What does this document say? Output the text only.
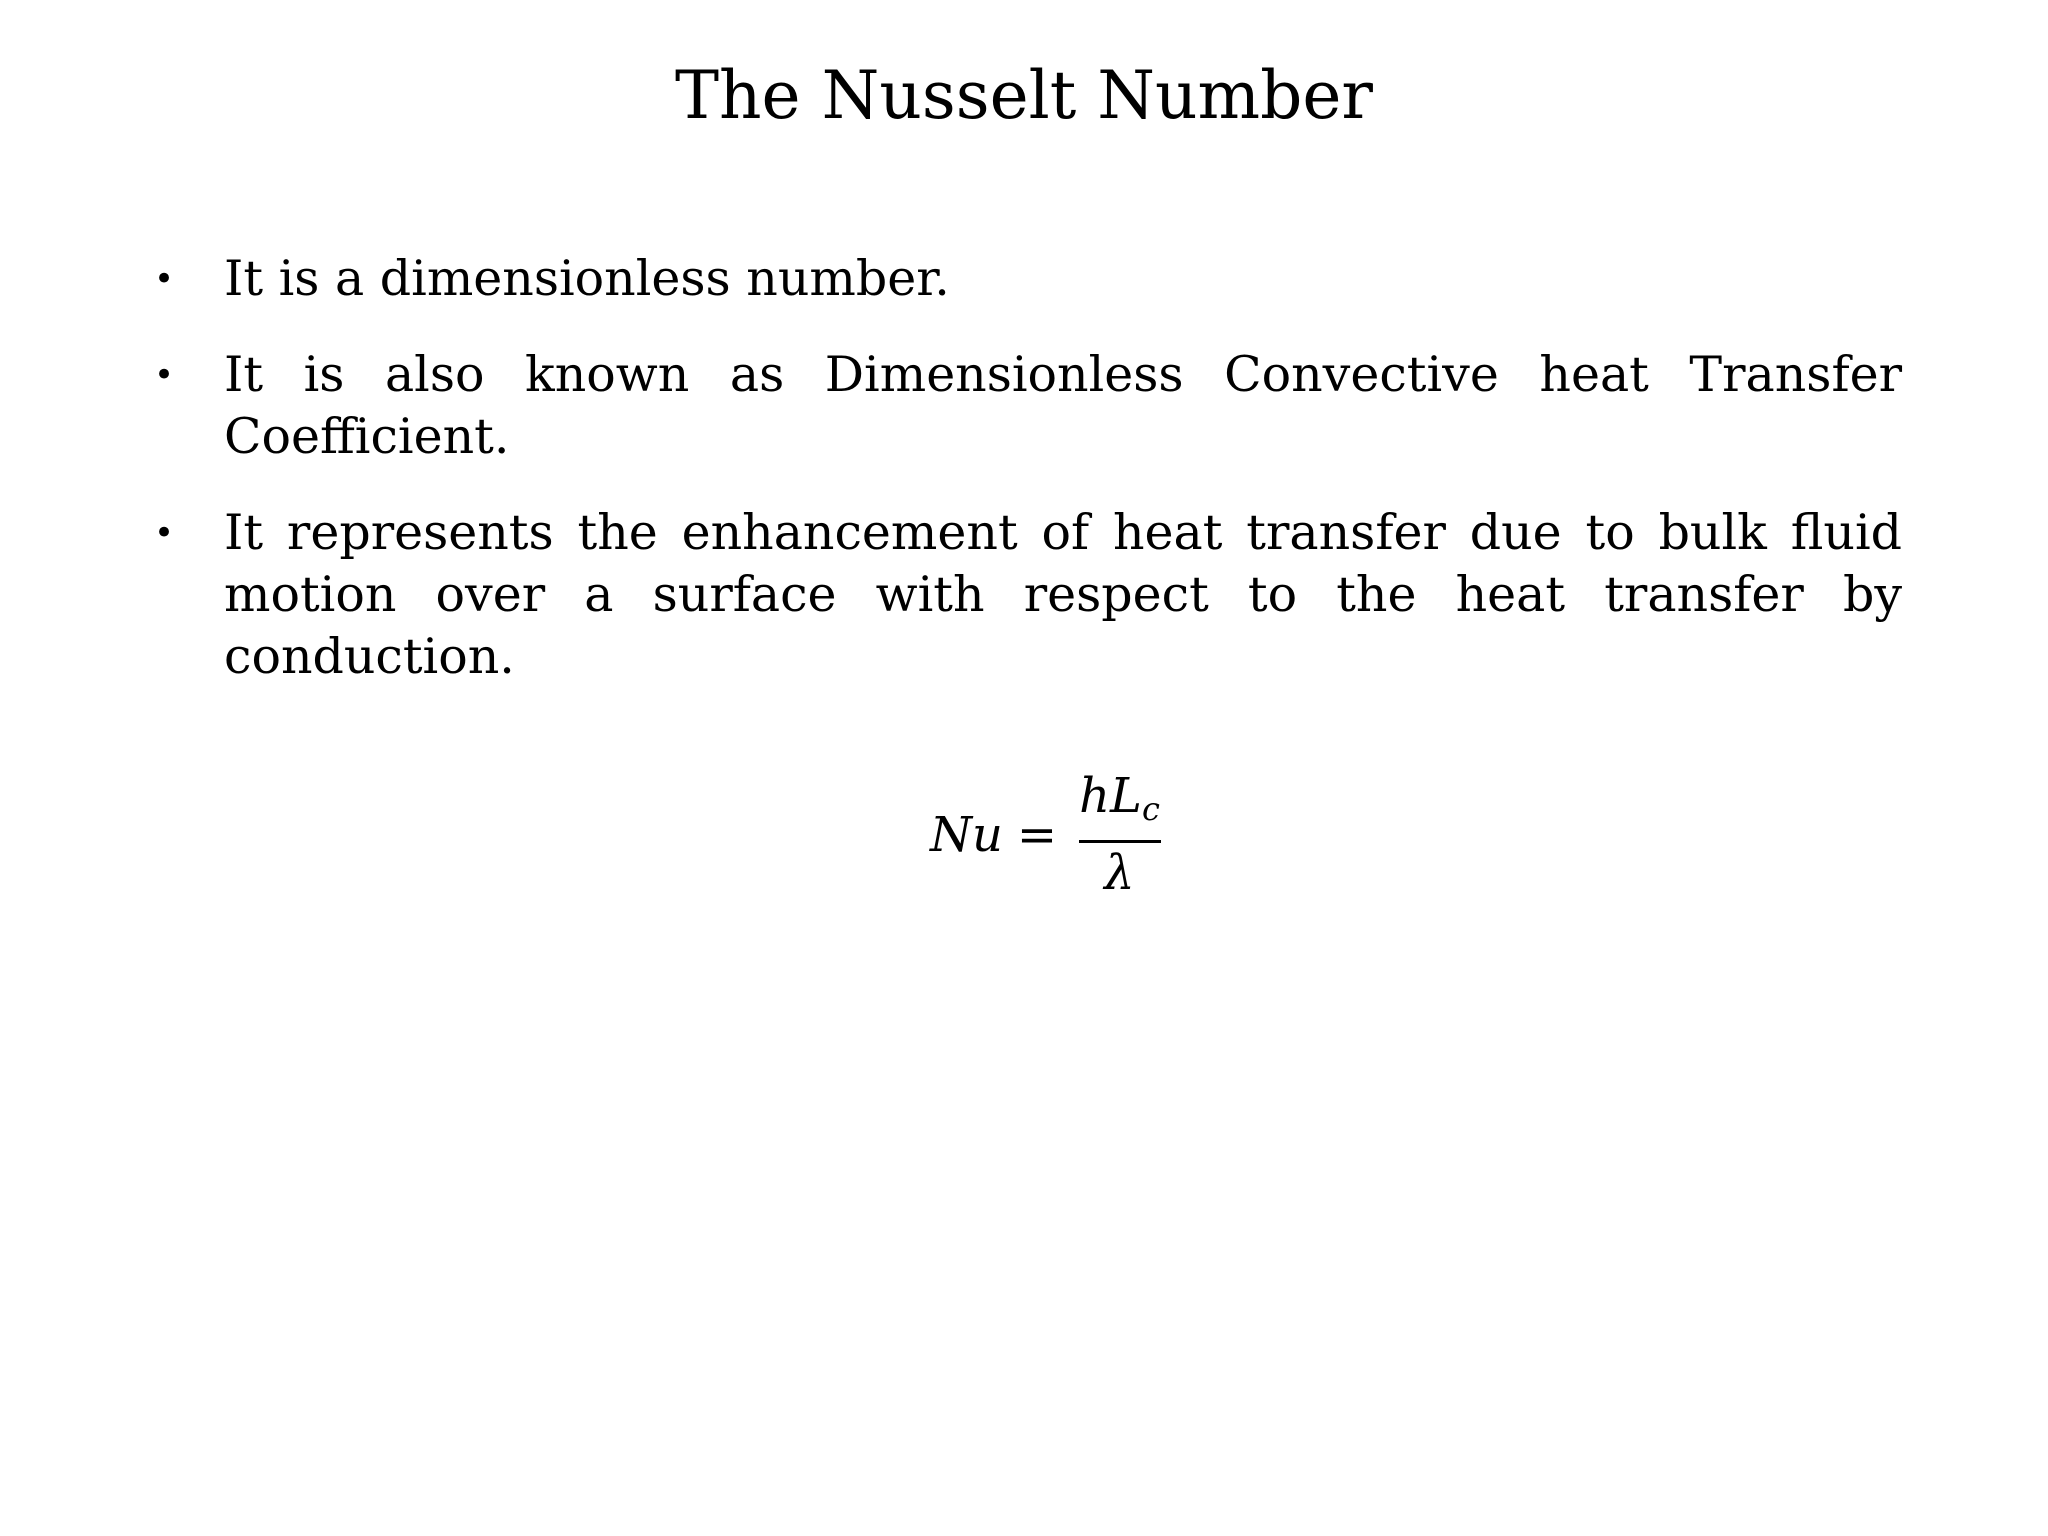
The Nusselt Number
• It is a dimensionless number.
• It is also known as Dimensionless Convective heat Transfer Coefficient.
• It represents the enhancement of heat transfer due to bulk fluid motion over a surface with respect to the heat transfer by conduction.
$Nu = \frac{hL_c}{\lambda}$
